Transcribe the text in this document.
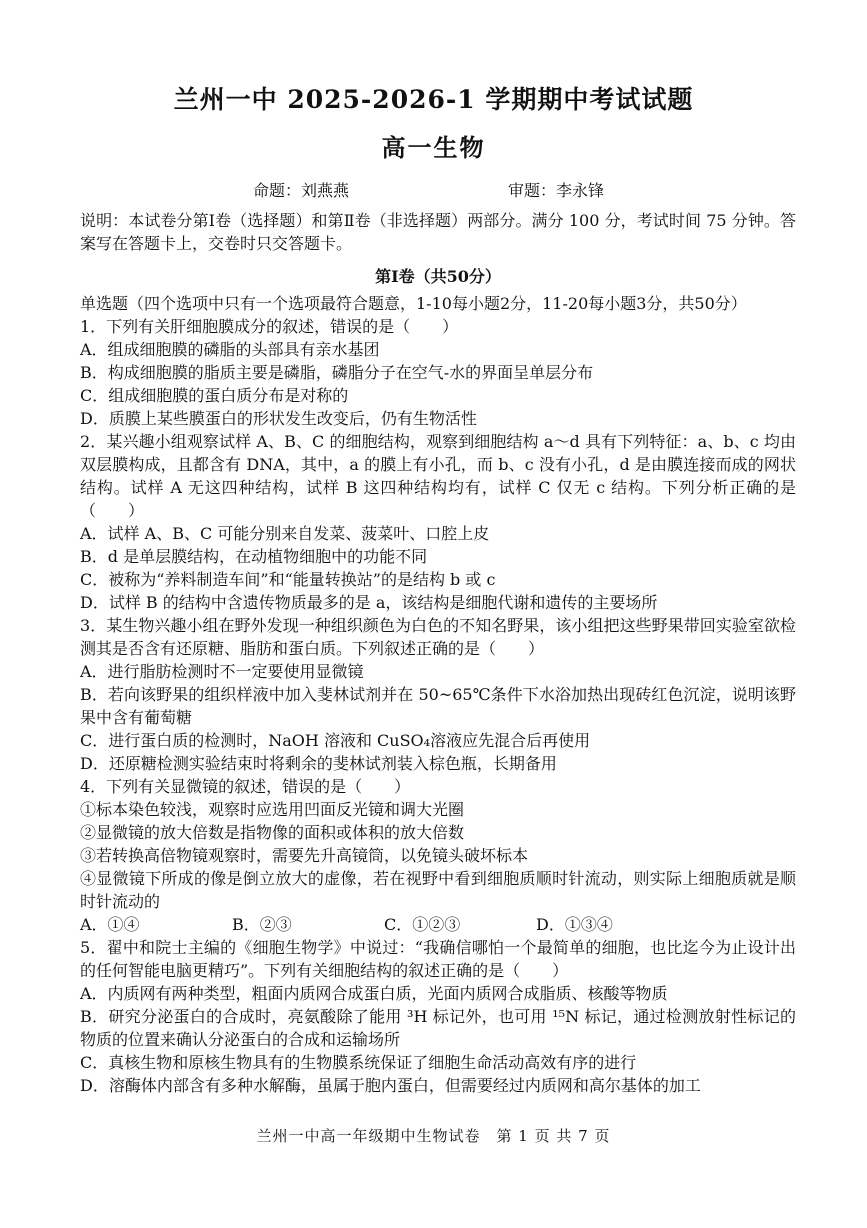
兰州一中 2025-2026-1 学期期中考试试题
高一生物
命题：刘燕燕	审题：李永锋

说明：本试卷分第Ⅰ卷（选择题）和第Ⅱ卷（非选择题）两部分。满分 100 分，考试时间 75 分钟。答案写在答题卡上，交卷时只交答题卡。

第Ⅰ卷（共50分）

单选题（四个选项中只有一个选项最符合题意，1-10每小题2分，11-20每小题3分，共50分）

1．下列有关肝细胞膜成分的叙述，错误的是（　　）

A．组成细胞膜的磷脂的头部具有亲水基团

B．构成细胞膜的脂质主要是磷脂，磷脂分子在空气-水的界面呈单层分布

C．组成细胞膜的蛋白质分布是对称的

D．质膜上某些膜蛋白的形状发生改变后，仍有生物活性

2．某兴趣小组观察试样 A、B、C 的细胞结构，观察到细胞结构 a～d 具有下列特征：a、b、c 均由双层膜构成，且都含有 DNA，其中，a 的膜上有小孔，而 b、c 没有小孔，d 是由膜连接而成的网状结构。试样 A 无这四种结构，试样 B 这四种结构均有，试样 C 仅无 c 结构。下列分析正确的是（　　）

A．试样 A、B、C 可能分别来自发菜、菠菜叶、口腔上皮

B．d 是单层膜结构，在动植物细胞中的功能不同

C．被称为“养料制造车间”和“能量转换站”的是结构 b 或 c

D．试样 B 的结构中含遗传物质最多的是 a，该结构是细胞代谢和遗传的主要场所

3．某生物兴趣小组在野外发现一种组织颜色为白色的不知名野果，该小组把这些野果带回实验室欲检测其是否含有还原糖、脂肪和蛋白质。下列叙述正确的是（　　）

A．进行脂肪检测时不一定要使用显微镜

B．若向该野果的组织样液中加入斐林试剂并在 50~65℃条件下水浴加热出现砖红色沉淀，说明该野果中含有葡萄糖

C．进行蛋白质的检测时，NaOH 溶液和 CuSO₄溶液应先混合后再使用

D．还原糖检测实验结束时将剩余的斐林试剂装入棕色瓶，长期备用

4．下列有关显微镜的叙述，错误的是（　　）

①标本染色较浅，观察时应选用凹面反光镜和调大光圈

②显微镜的放大倍数是指物像的面积或体积的放大倍数

③若转换高倍物镜观察时，需要先升高镜筒，以免镜头破坏标本

④显微镜下所成的像是倒立放大的虚像，若在视野中看到细胞质顺时针流动，则实际上细胞质就是顺时针流动的

A．①④	B．②③	C．①②③	D．①③④

5．翟中和院士主编的《细胞生物学》中说过：“我确信哪怕一个最简单的细胞，也比迄今为止设计出的任何智能电脑更精巧”。下列有关细胞结构的叙述正确的是（　　）

A．内质网有两种类型，粗面内质网合成蛋白质，光面内质网合成脂质、核酸等物质

B．研究分泌蛋白的合成时，亮氨酸除了能用 ³H 标记外，也可用 ¹⁵N 标记，通过检测放射性标记的物质的位置来确认分泌蛋白的合成和运输场所

C．真核生物和原核生物具有的生物膜系统保证了细胞生命活动高效有序的进行

D．溶酶体内部含有多种水解酶，虽属于胞内蛋白，但需要经过内质网和高尔基体的加工

兰州一中高一年级期中生物试卷　第 1 页 共 7 页
